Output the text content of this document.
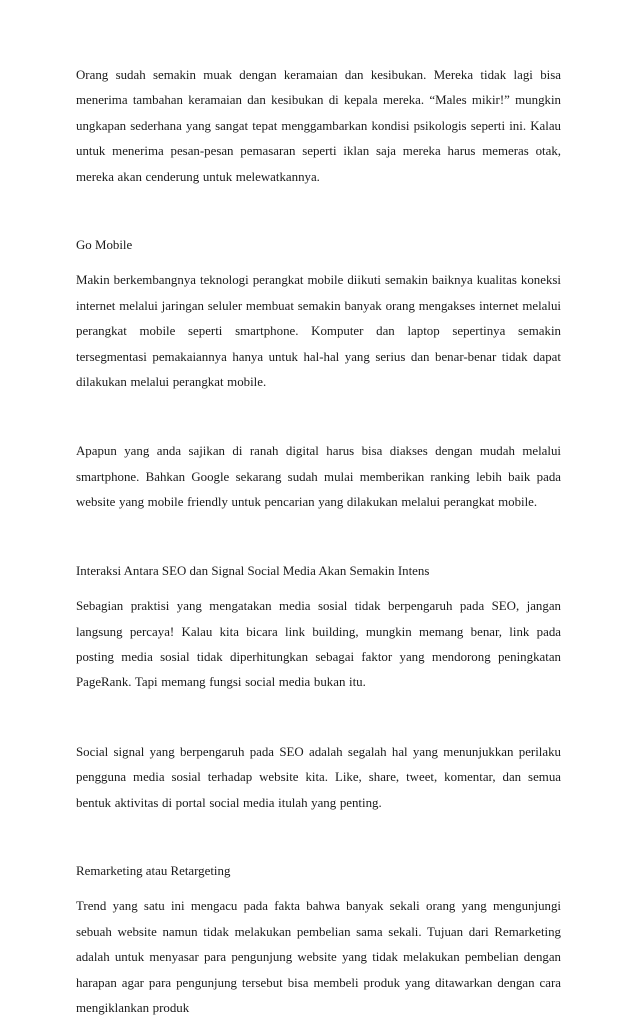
Orang sudah semakin muak dengan keramaian dan kesibukan. Mereka tidak lagi bisa menerima tambahan keramaian dan kesibukan di kepala mereka. “Males mikir!” mungkin ungkapan sederhana yang sangat tepat menggambarkan kondisi psikologis seperti ini. Kalau untuk menerima pesan-pesan pemasaran seperti iklan saja mereka harus memeras otak, mereka akan cenderung untuk melewatkannya.

Go Mobile

Makin berkembangnya teknologi perangkat mobile diikuti semakin baiknya kualitas koneksi internet melalui jaringan seluler membuat semakin banyak orang mengakses internet melalui perangkat mobile seperti smartphone. Komputer dan laptop sepertinya semakin tersegmentasi pemakaiannya hanya untuk hal-hal yang serius dan benar-benar tidak dapat dilakukan melalui perangkat mobile.

Apapun yang anda sajikan di ranah digital harus bisa diakses dengan mudah melalui smartphone. Bahkan Google sekarang sudah mulai memberikan ranking lebih baik pada website yang mobile friendly untuk pencarian yang dilakukan melalui perangkat mobile.

Interaksi Antara SEO dan Signal Social Media Akan Semakin Intens

Sebagian praktisi yang mengatakan media sosial tidak berpengaruh pada SEO, jangan langsung percaya! Kalau kita bicara link building, mungkin memang benar, link pada posting media sosial tidak diperhitungkan sebagai faktor yang mendorong peningkatan PageRank. Tapi memang fungsi social media bukan itu.

Social signal yang berpengaruh pada SEO adalah segalah hal yang menunjukkan perilaku pengguna media sosial terhadap website kita. Like, share, tweet, komentar, dan semua bentuk aktivitas di portal social media itulah yang penting.

Remarketing atau Retargeting

Trend yang satu ini mengacu pada fakta bahwa banyak sekali orang yang mengunjungi sebuah website namun tidak melakukan pembelian sama sekali. Tujuan dari Remarketing adalah untuk menyasar para pengunjung website yang tidak melakukan pembelian dengan harapan agar para pengunjung tersebut bisa membeli produk yang ditawarkan dengan cara mengiklankan produk
